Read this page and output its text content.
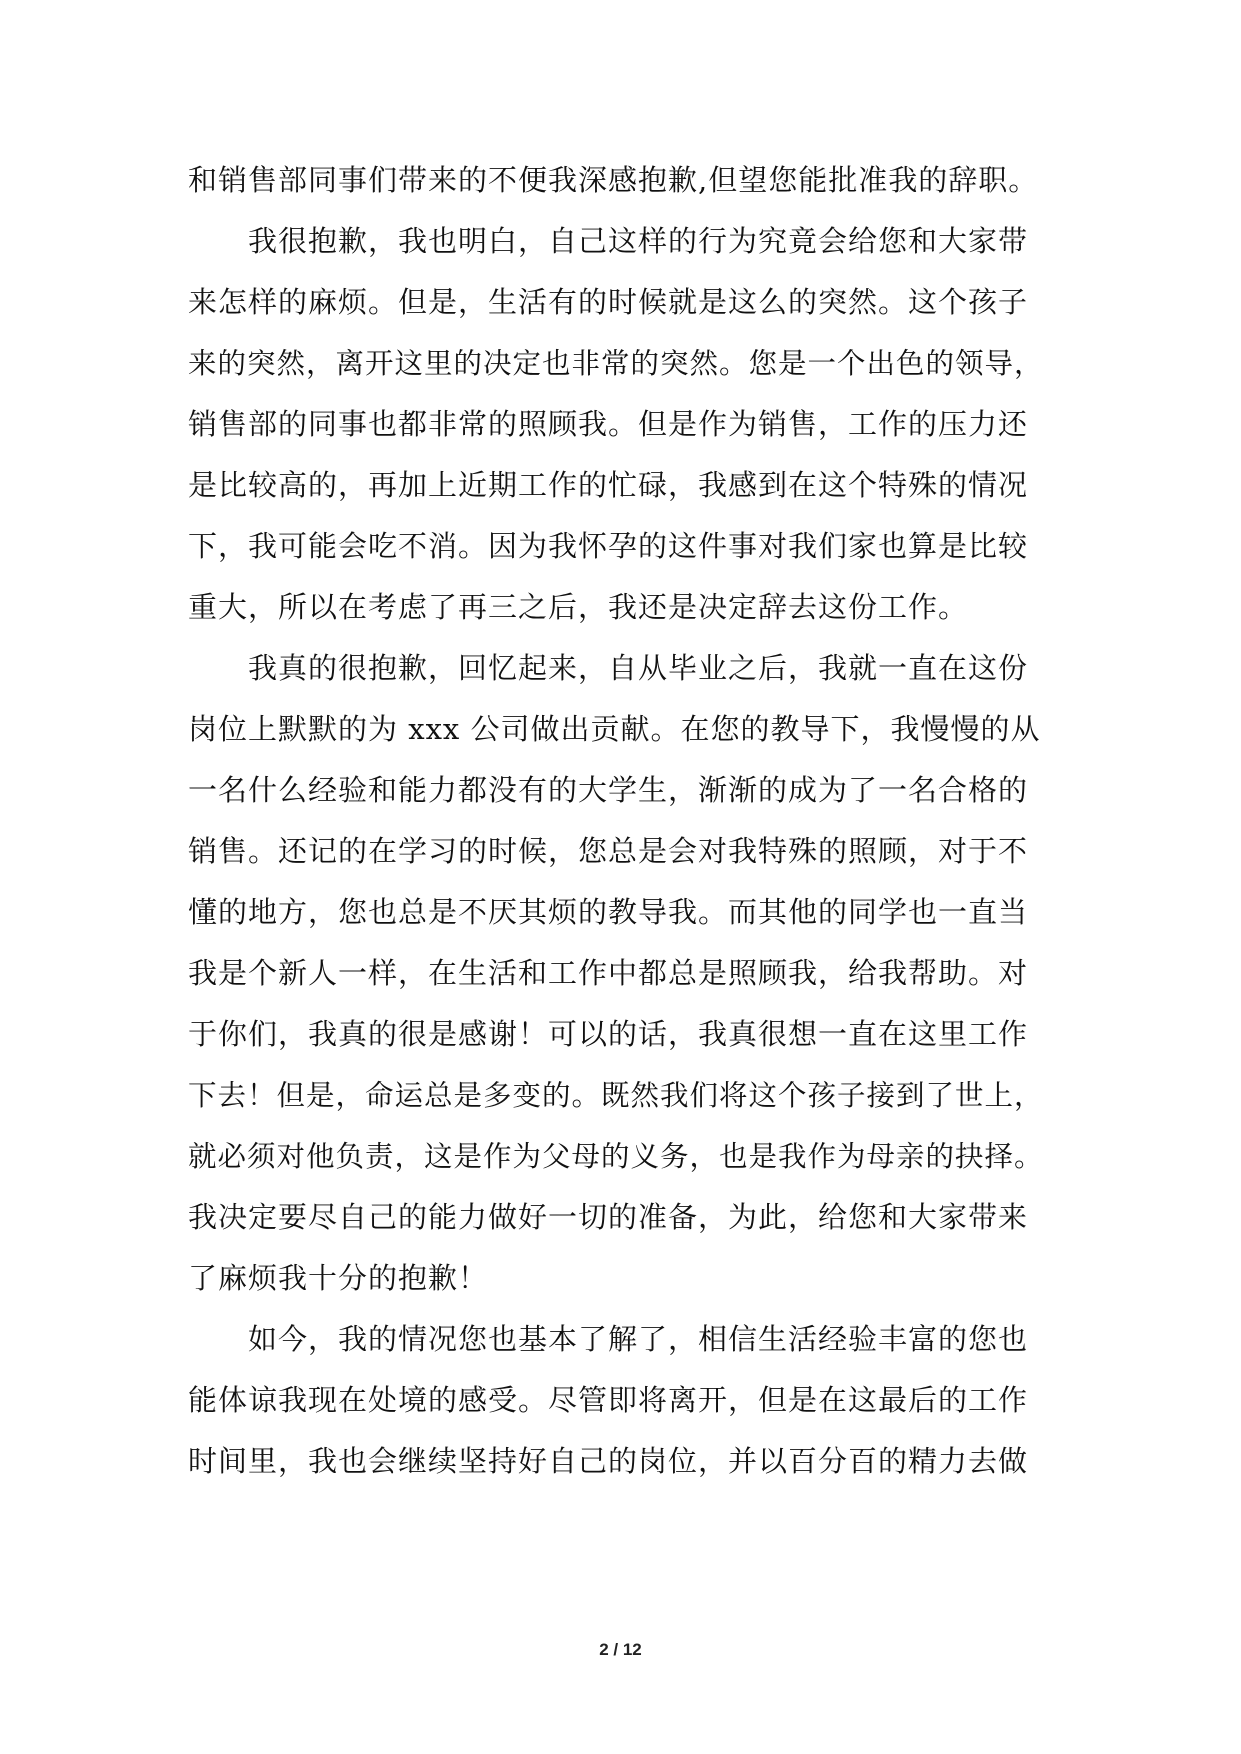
和销售部同事们带来的不便我深感抱歉,但望您能批准我的辞职。
我很抱歉，我也明白，自己这样的行为究竟会给您和大家带
来怎样的麻烦。但是，生活有的时候就是这么的突然。这个孩子
来的突然，离开这里的决定也非常的突然。您是一个出色的领导，
销售部的同事也都非常的照顾我。但是作为销售，工作的压力还
是比较高的，再加上近期工作的忙碌，我感到在这个特殊的情况
下，我可能会吃不消。因为我怀孕的这件事对我们家也算是比较
重大，所以在考虑了再三之后，我还是决定辞去这份工作。
我真的很抱歉，回忆起来，自从毕业之后，我就一直在这份
岗位上默默的为 xxx 公司做出贡献。在您的教导下，我慢慢的从
一名什么经验和能力都没有的大学生，渐渐的成为了一名合格的
销售。还记的在学习的时候，您总是会对我特殊的照顾，对于不
懂的地方，您也总是不厌其烦的教导我。而其他的同学也一直当
我是个新人一样，在生活和工作中都总是照顾我，给我帮助。对
于你们，我真的很是感谢！可以的话，我真很想一直在这里工作
下去！但是，命运总是多变的。既然我们将这个孩子接到了世上，
就必须对他负责，这是作为父母的义务，也是我作为母亲的抉择。
我决定要尽自己的能力做好一切的准备，为此，给您和大家带来
了麻烦我十分的抱歉！
如今，我的情况您也基本了解了，相信生活经验丰富的您也
能体谅我现在处境的感受。尽管即将离开，但是在这最后的工作
时间里，我也会继续坚持好自己的岗位，并以百分百的精力去做
2 / 12
